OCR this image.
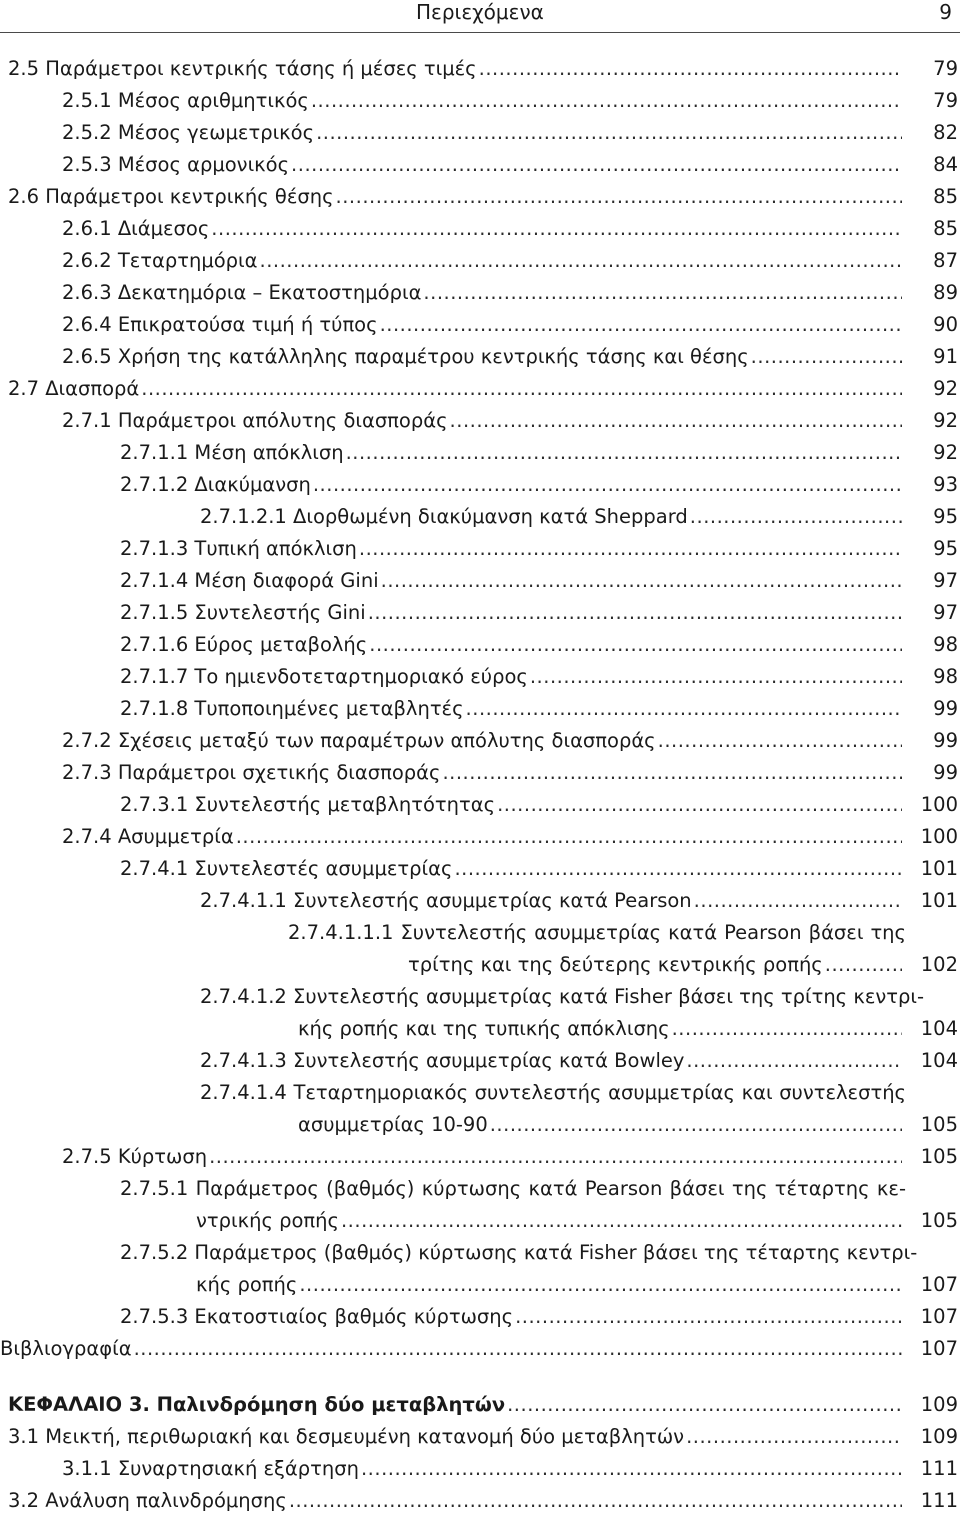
Περιεχόμενα	9
2.5 Παράμετροι κεντρικής τάσης ή μέσες τιμές .....	79
2.5.1 Μέσος αριθμητικός .....	79
2.5.2 Μέσος γεωμετρικός .....	82
2.5.3 Μέσος αρμονικός .....	84
2.6 Παράμετροι κεντρικής θέσης .....	85
2.6.1 Διάμεσος .....	85
2.6.2 Τεταρτημόρια .....	87
2.6.3 Δεκατημόρια – Εκατοστημόρια .....	89
2.6.4 Επικρατούσα τιμή ή τύπος .....	90
2.6.5 Χρήση της κατάλληλης παραμέτρου κεντρικής τάσης και θέσης .....	91
2.7 Διασπορά .....	92
2.7.1 Παράμετροι απόλυτης διασποράς .....	92
2.7.1.1 Μέση απόκλιση .....	92
2.7.1.2 Διακύμανση .....	93
2.7.1.2.1 Διορθωμένη διακύμανση κατά Sheppard .....	95
2.7.1.3 Τυπική απόκλιση .....	95
2.7.1.4 Μέση διαφορά Gini .....	97
2.7.1.5 Συντελεστής Gini .....	97
2.7.1.6 Εύρος μεταβολής .....	98
2.7.1.7 Το ημιενδοτεταρτημοριακό εύρος .....	98
2.7.1.8 Τυποποιημένες μεταβλητές .....	99
2.7.2 Σχέσεις μεταξύ των παραμέτρων απόλυτης διασποράς .....	99
2.7.3 Παράμετροι σχετικής διασποράς .....	99
2.7.3.1 Συντελεστής μεταβλητότητας .....	100
2.7.4 Ασυμμετρία .....	100
2.7.4.1 Συντελεστές ασυμμετρίας .....	101
2.7.4.1.1 Συντελεστής ασυμμετρίας κατά Pearson .....	101
2.7.4.1.1.1 Συντελεστής ασυμμετρίας κατά Pearson βάσει της
τρίτης και της δεύτερης κεντρικής ροπής .....	102
2.7.4.1.2 Συντελεστής ασυμμετρίας κατά Fisher βάσει της τρίτης κεντρι-
κής ροπής και της τυπικής απόκλισης .....	104
2.7.4.1.3 Συντελεστής ασυμμετρίας κατά Bowley .....	104
2.7.4.1.4 Τεταρτημοριακός συντελεστής ασυμμετρίας και συντελεστής
ασυμμετρίας 10-90 .....	105
2.7.5 Κύρτωση .....	105
2.7.5.1 Παράμετρος (βαθμός) κύρτωσης κατά Pearson βάσει της τέταρτης κε-
ντρικής ροπής .....	105
2.7.5.2 Παράμετρος (βαθμός) κύρτωσης κατά Fisher βάσει της τέταρτης κεντρι-
κής ροπής .....	107
2.7.5.3 Εκατοστιαίος βαθμός κύρτωσης .....	107
Βιβλιογραφία .....	107
ΚΕΦΑΛΑΙΟ 3. Παλινδρόμηση δύο μεταβλητών .....	109
3.1 Μεικτή, περιθωριακή και δεσμευμένη κατανομή δύο μεταβλητών .....	109
3.1.1 Συναρτησιακή εξάρτηση .....	111
3.2 Ανάλυση παλινδρόμησης .....	111
